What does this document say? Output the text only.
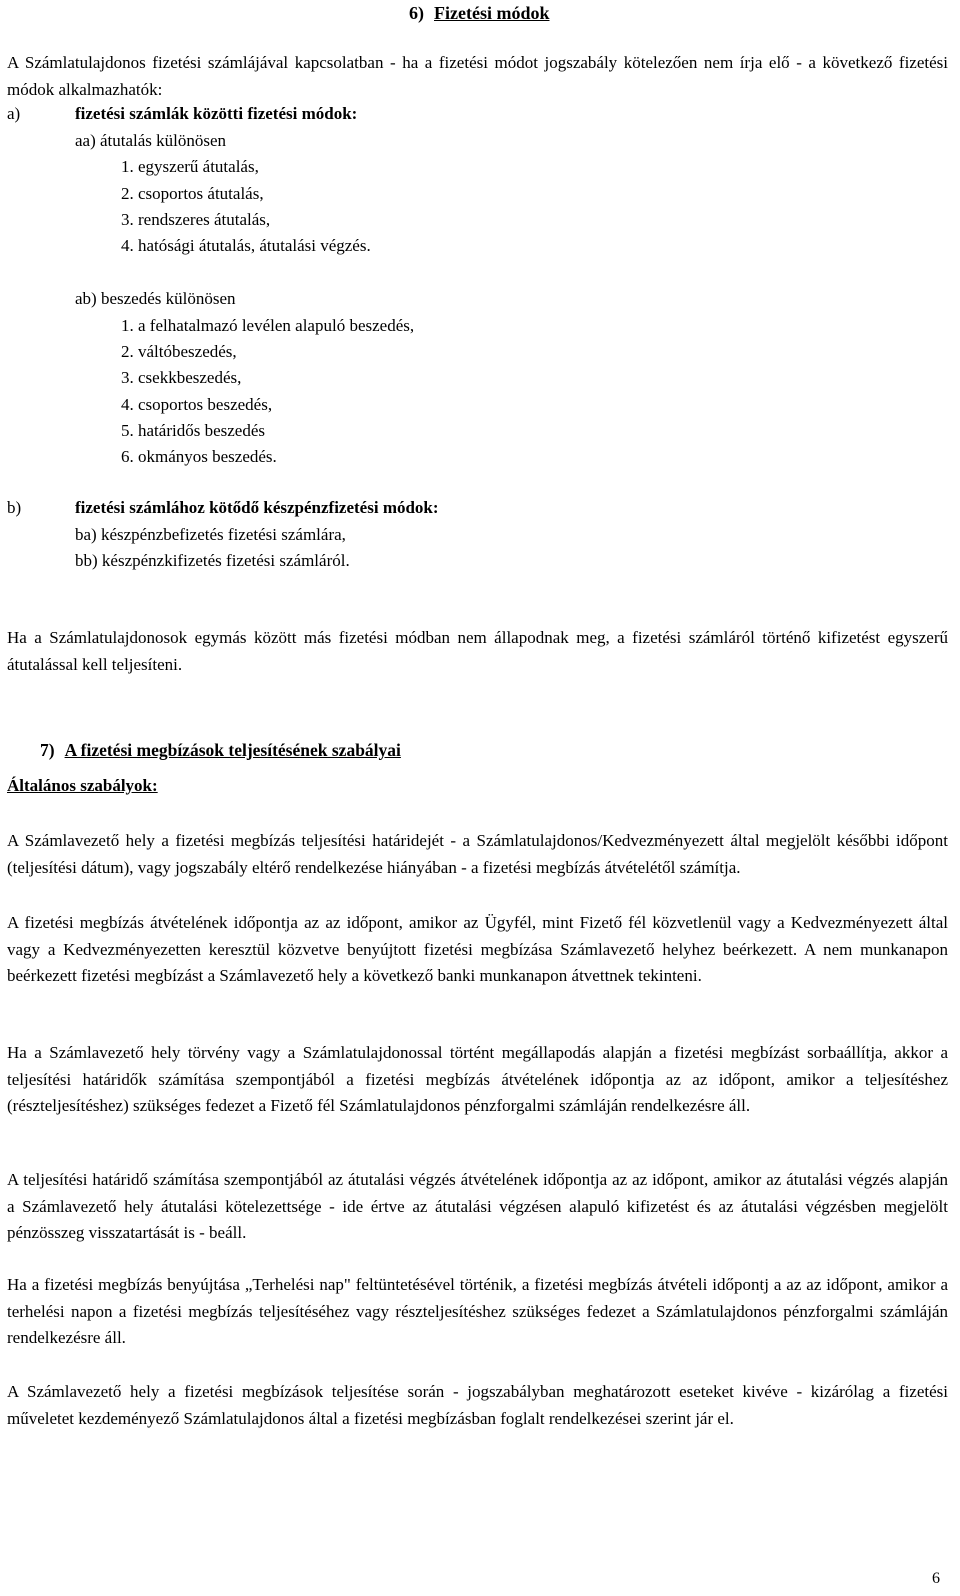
6) Fizetési módok
A Számlatulajdonos fizetési számlájával kapcsolatban - ha a fizetési módot jogszabály kötelezően nem írja elő - a következő fizetési módok alkalmazhatók:
a)	fizetési számlák közötti fizetési módok:
aa) átutalás különösen
1. egyszerű átutalás,
2. csoportos átutalás,
3. rendszeres átutalás,
4. hatósági átutalás, átutalási végzés.
ab) beszedés különösen
1. a felhatalmazó levélen alapuló beszedés,
2. váltóbeszedés,
3. csekkbeszedés,
4. csoportos beszedés,
5. határidős beszedés
6. okmányos beszedés.
b)	fizetési számlához kötődő készpénzfizetési módok:
ba) készpénzbefizetés fizetési számlára,
bb) készpénzkifizetés fizetési számláról.
Ha a Számlatulajdonosok egymás között más fizetési módban nem állapodnak meg, a fizetési számláról történő kifizetést egyszerű átutalással kell teljesíteni.
7) A fizetési megbízások teljesítésének szabályai
Általános szabályok:
A Számlavezető hely a fizetési megbízás teljesítési határidejét - a Számlatulajdonos/Kedvezményezett által megjelölt későbbi időpont (teljesítési dátum), vagy jogszabály eltérő rendelkezése hiányában - a fizetési megbízás átvételétől számítja.
A fizetési megbízás átvételének időpontja az az időpont, amikor az Ügyfél, mint Fizető fél közvetlenül vagy a Kedvezményezett által vagy a Kedvezményezetten keresztül közvetve benyújtott fizetési megbízása Számlavezető helyhez beérkezett. A nem munkanapon beérkezett fizetési megbízást a Számlavezető hely a következő banki munkanapon átvettnek tekinteni.
Ha a Számlavezető hely törvény vagy a Számlatulajdonossal történt megállapodás alapján a fizetési megbízást sorbaállítja, akkor a teljesítési határidők számítása szempontjából a fizetési megbízás átvételének időpontja az az időpont, amikor a teljesítéshez (részteljesítéshez) szükséges fedezet a Fizető fél Számlatulajdonos pénzforgalmi számláján rendelkezésre áll.
A teljesítési határidő számítása szempontjából az átutalási végzés átvételének időpontja az az időpont, amikor az átutalási végzés alapján a Számlavezető hely átutalási kötelezettsége - ide értve az átutalási végzésen alapuló kifizetést és az átutalási végzésben megjelölt pénzösszeg visszatartását is - beáll.
Ha a fizetési megbízás benyújtása „Terhelési nap" feltüntetésével történik, a fizetési megbízás átvételi időpontj a az az időpont, amikor a terhelési napon a fizetési megbízás teljesítéséhez vagy részteljesítéshez szükséges fedezet a Számlatulajdonos pénzforgalmi számláján rendelkezésre áll.
A Számlavezető hely a fizetési megbízások teljesítése során - jogszabályban meghatározott eseteket kivéve - kizárólag a fizetési műveletet kezdeményező Számlatulajdonos által a fizetési megbízásban foglalt rendelkezései szerint jár el.
6
